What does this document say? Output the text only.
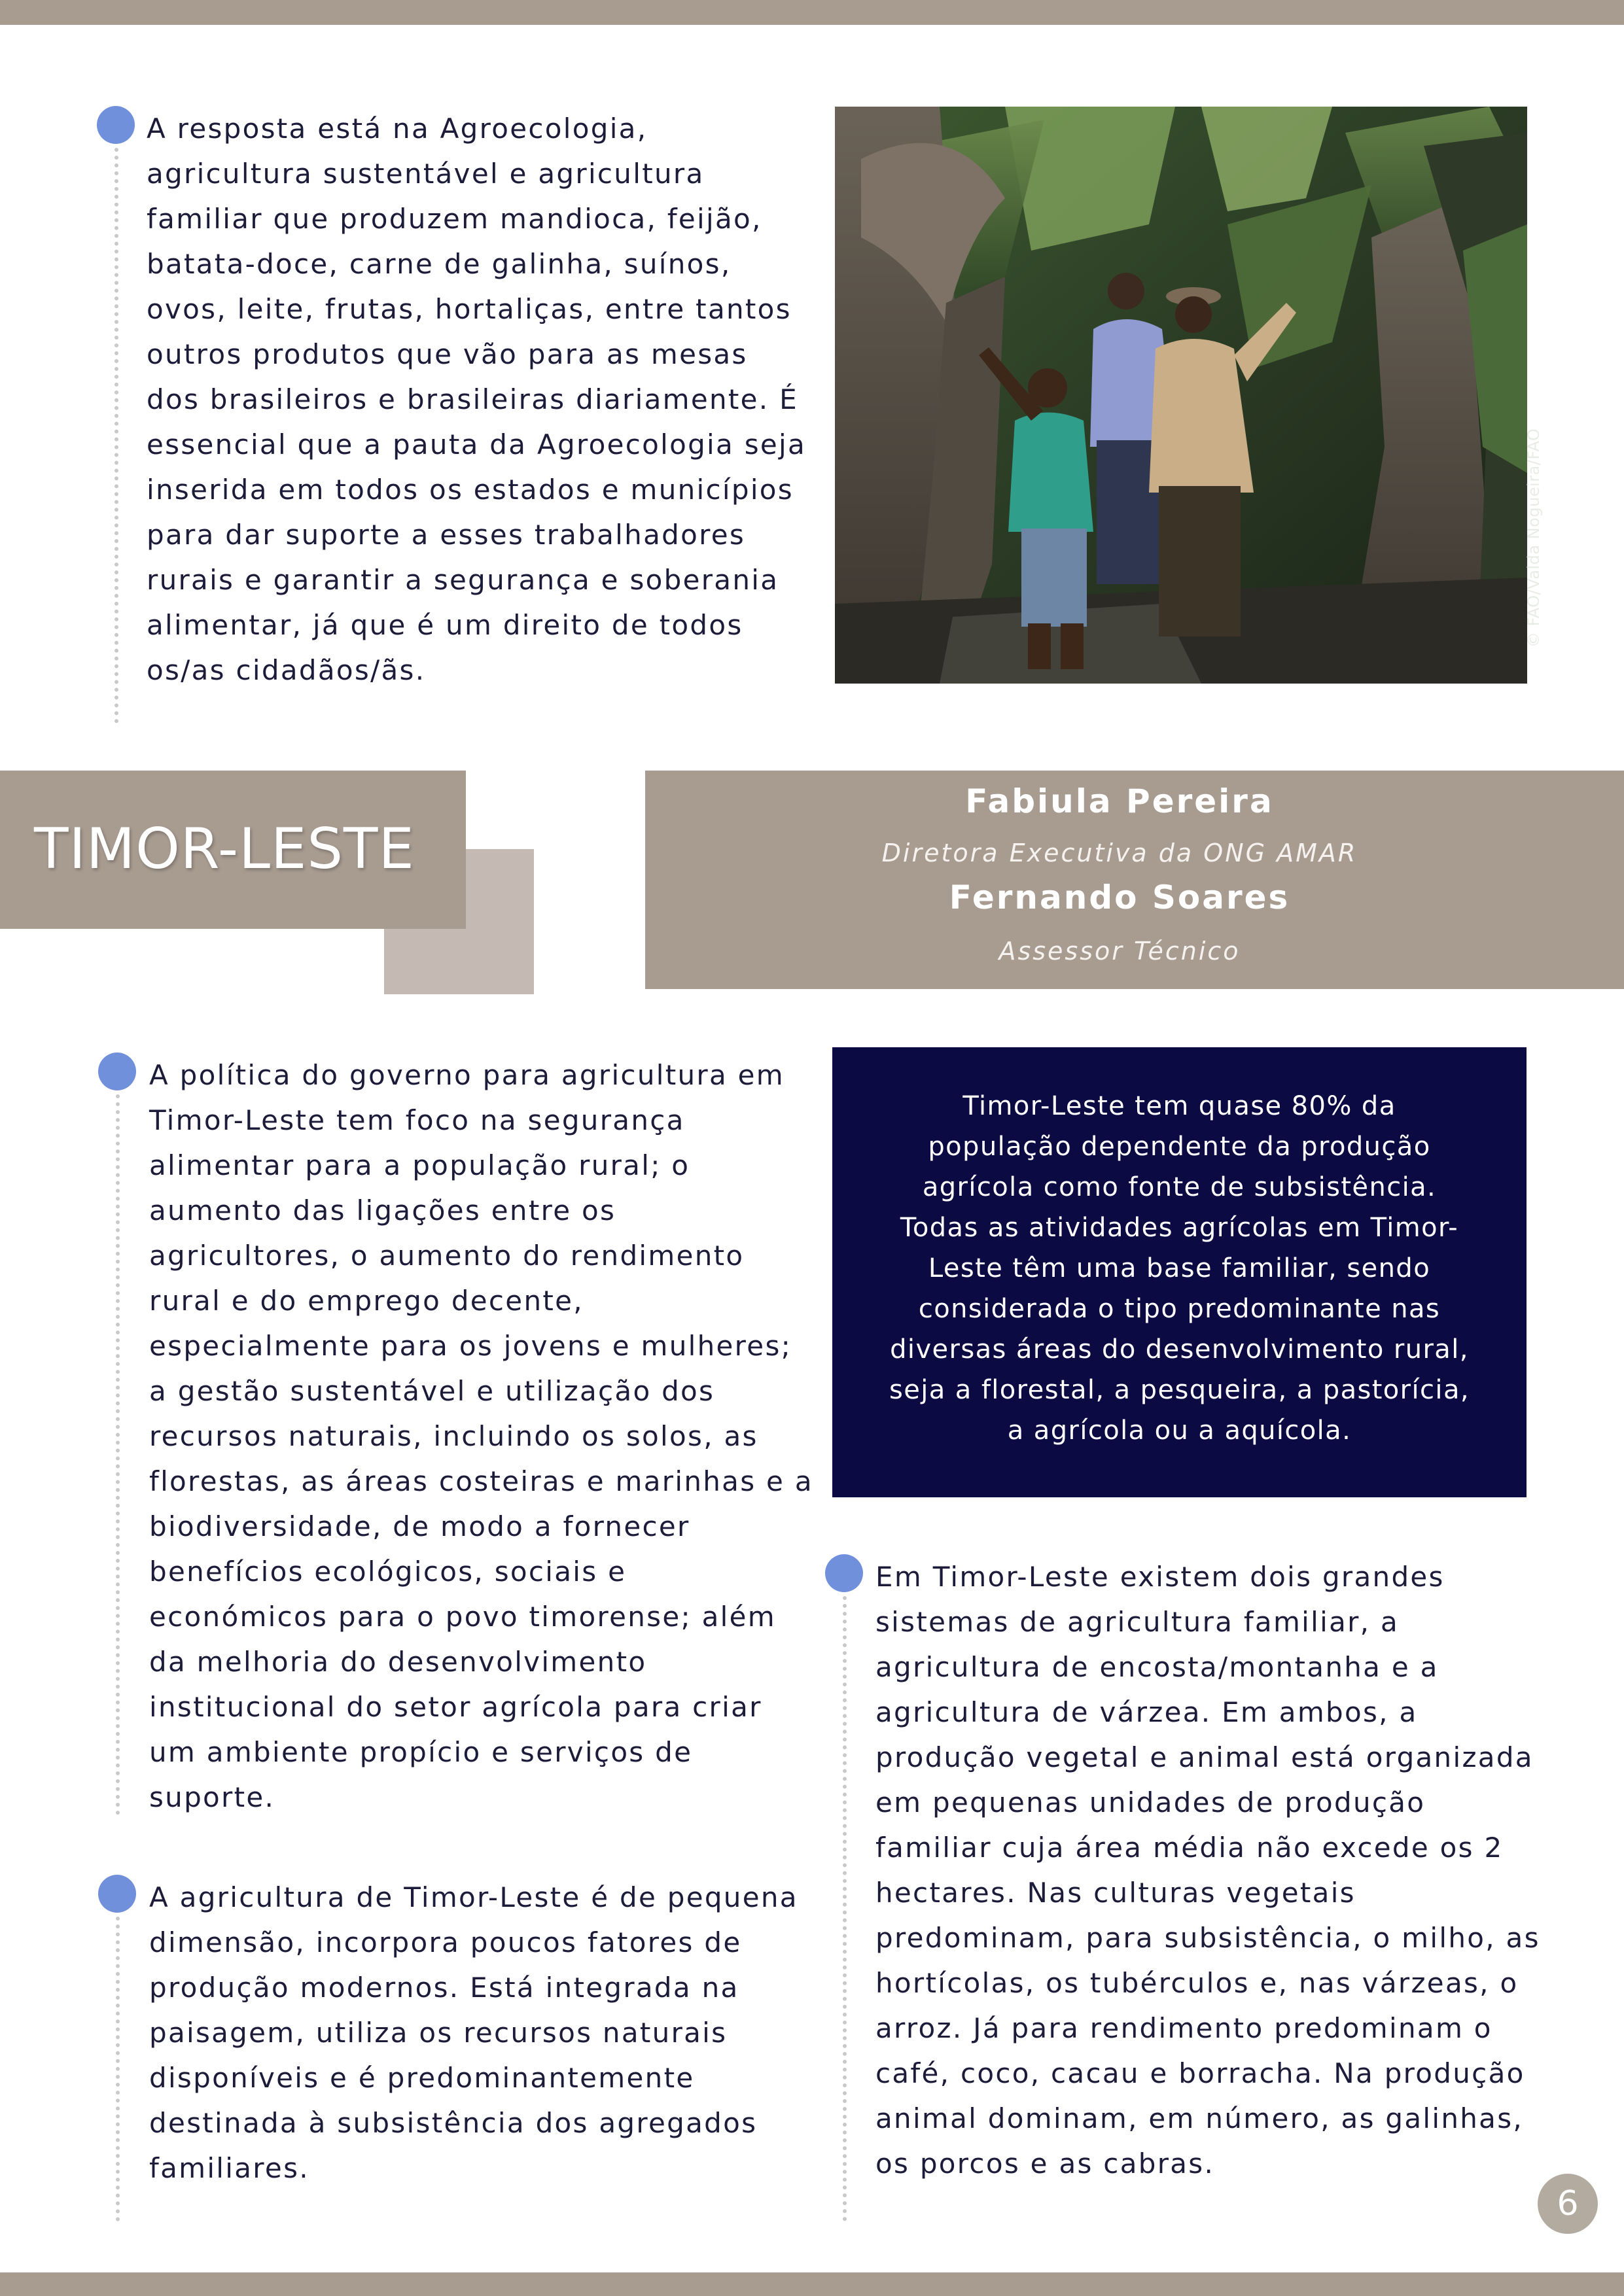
A resposta está na Agroecologia,
agricultura sustentável e agricultura
familiar que produzem mandioca, feijão,
batata-doce, carne de galinha, suínos,
ovos, leite, frutas, hortaliças, entre tantos
outros produtos que vão para as mesas
dos brasileiros e brasileiras diariamente. É
essencial que a pauta da Agroecologia seja
inserida em todos os estados e municípios
para dar suporte a esses trabalhadores
rurais e garantir a segurança e soberania
alimentar, já que é um direito de todos
os/as cidadãos/ãs.

© FAO/Valda Nogueira/FAO
TIMOR-LESTE

Fabiula Pereira

Diretora Executiva da ONG AMAR

Fernando Soares

Assessor Técnico

A política do governo para agricultura em
Timor-Leste tem foco na segurança
alimentar para a população rural; o
aumento das ligações entre os
agricultores, o aumento do rendimento
rural e do emprego decente,
especialmente para os jovens e mulheres;
a gestão sustentável e utilização dos
recursos naturais, incluindo os solos, as
florestas, as áreas costeiras e marinhas e a
biodiversidade, de modo a fornecer
benefícios ecológicos, sociais e
económicos para o povo timorense; além
da melhoria do desenvolvimento
institucional do setor agrícola para criar
um ambiente propício e serviços de
suporte.

A agricultura de Timor-Leste é de pequena
dimensão, incorpora poucos fatores de
produção modernos. Está integrada na
paisagem, utiliza os recursos naturais
disponíveis e é predominantemente
destinada à subsistência dos agregados
familiares.

Timor-Leste tem quase 80% da
população dependente da produção
agrícola como fonte de subsistência.
Todas as atividades agrícolas em Timor-
Leste têm uma base familiar, sendo
considerada o tipo predominante nas
diversas áreas do desenvolvimento rural,
seja a florestal, a pesqueira, a pastorícia,
a agrícola ou a aquícola.

Em Timor-Leste existem dois grandes
sistemas de agricultura familiar, a
agricultura de encosta/montanha e a
agricultura de várzea. Em ambos, a
produção vegetal e animal está organizada
em pequenas unidades de produção
familiar cuja área média não excede os 2
hectares. Nas culturas vegetais
predominam, para subsistência, o milho, as
hortícolas, os tubérculos e, nas várzeas, o
arroz. Já para rendimento predominam o
café, coco, cacau e borracha. Na produção
animal dominam, em número, as galinhas,
os porcos e as cabras.

6
